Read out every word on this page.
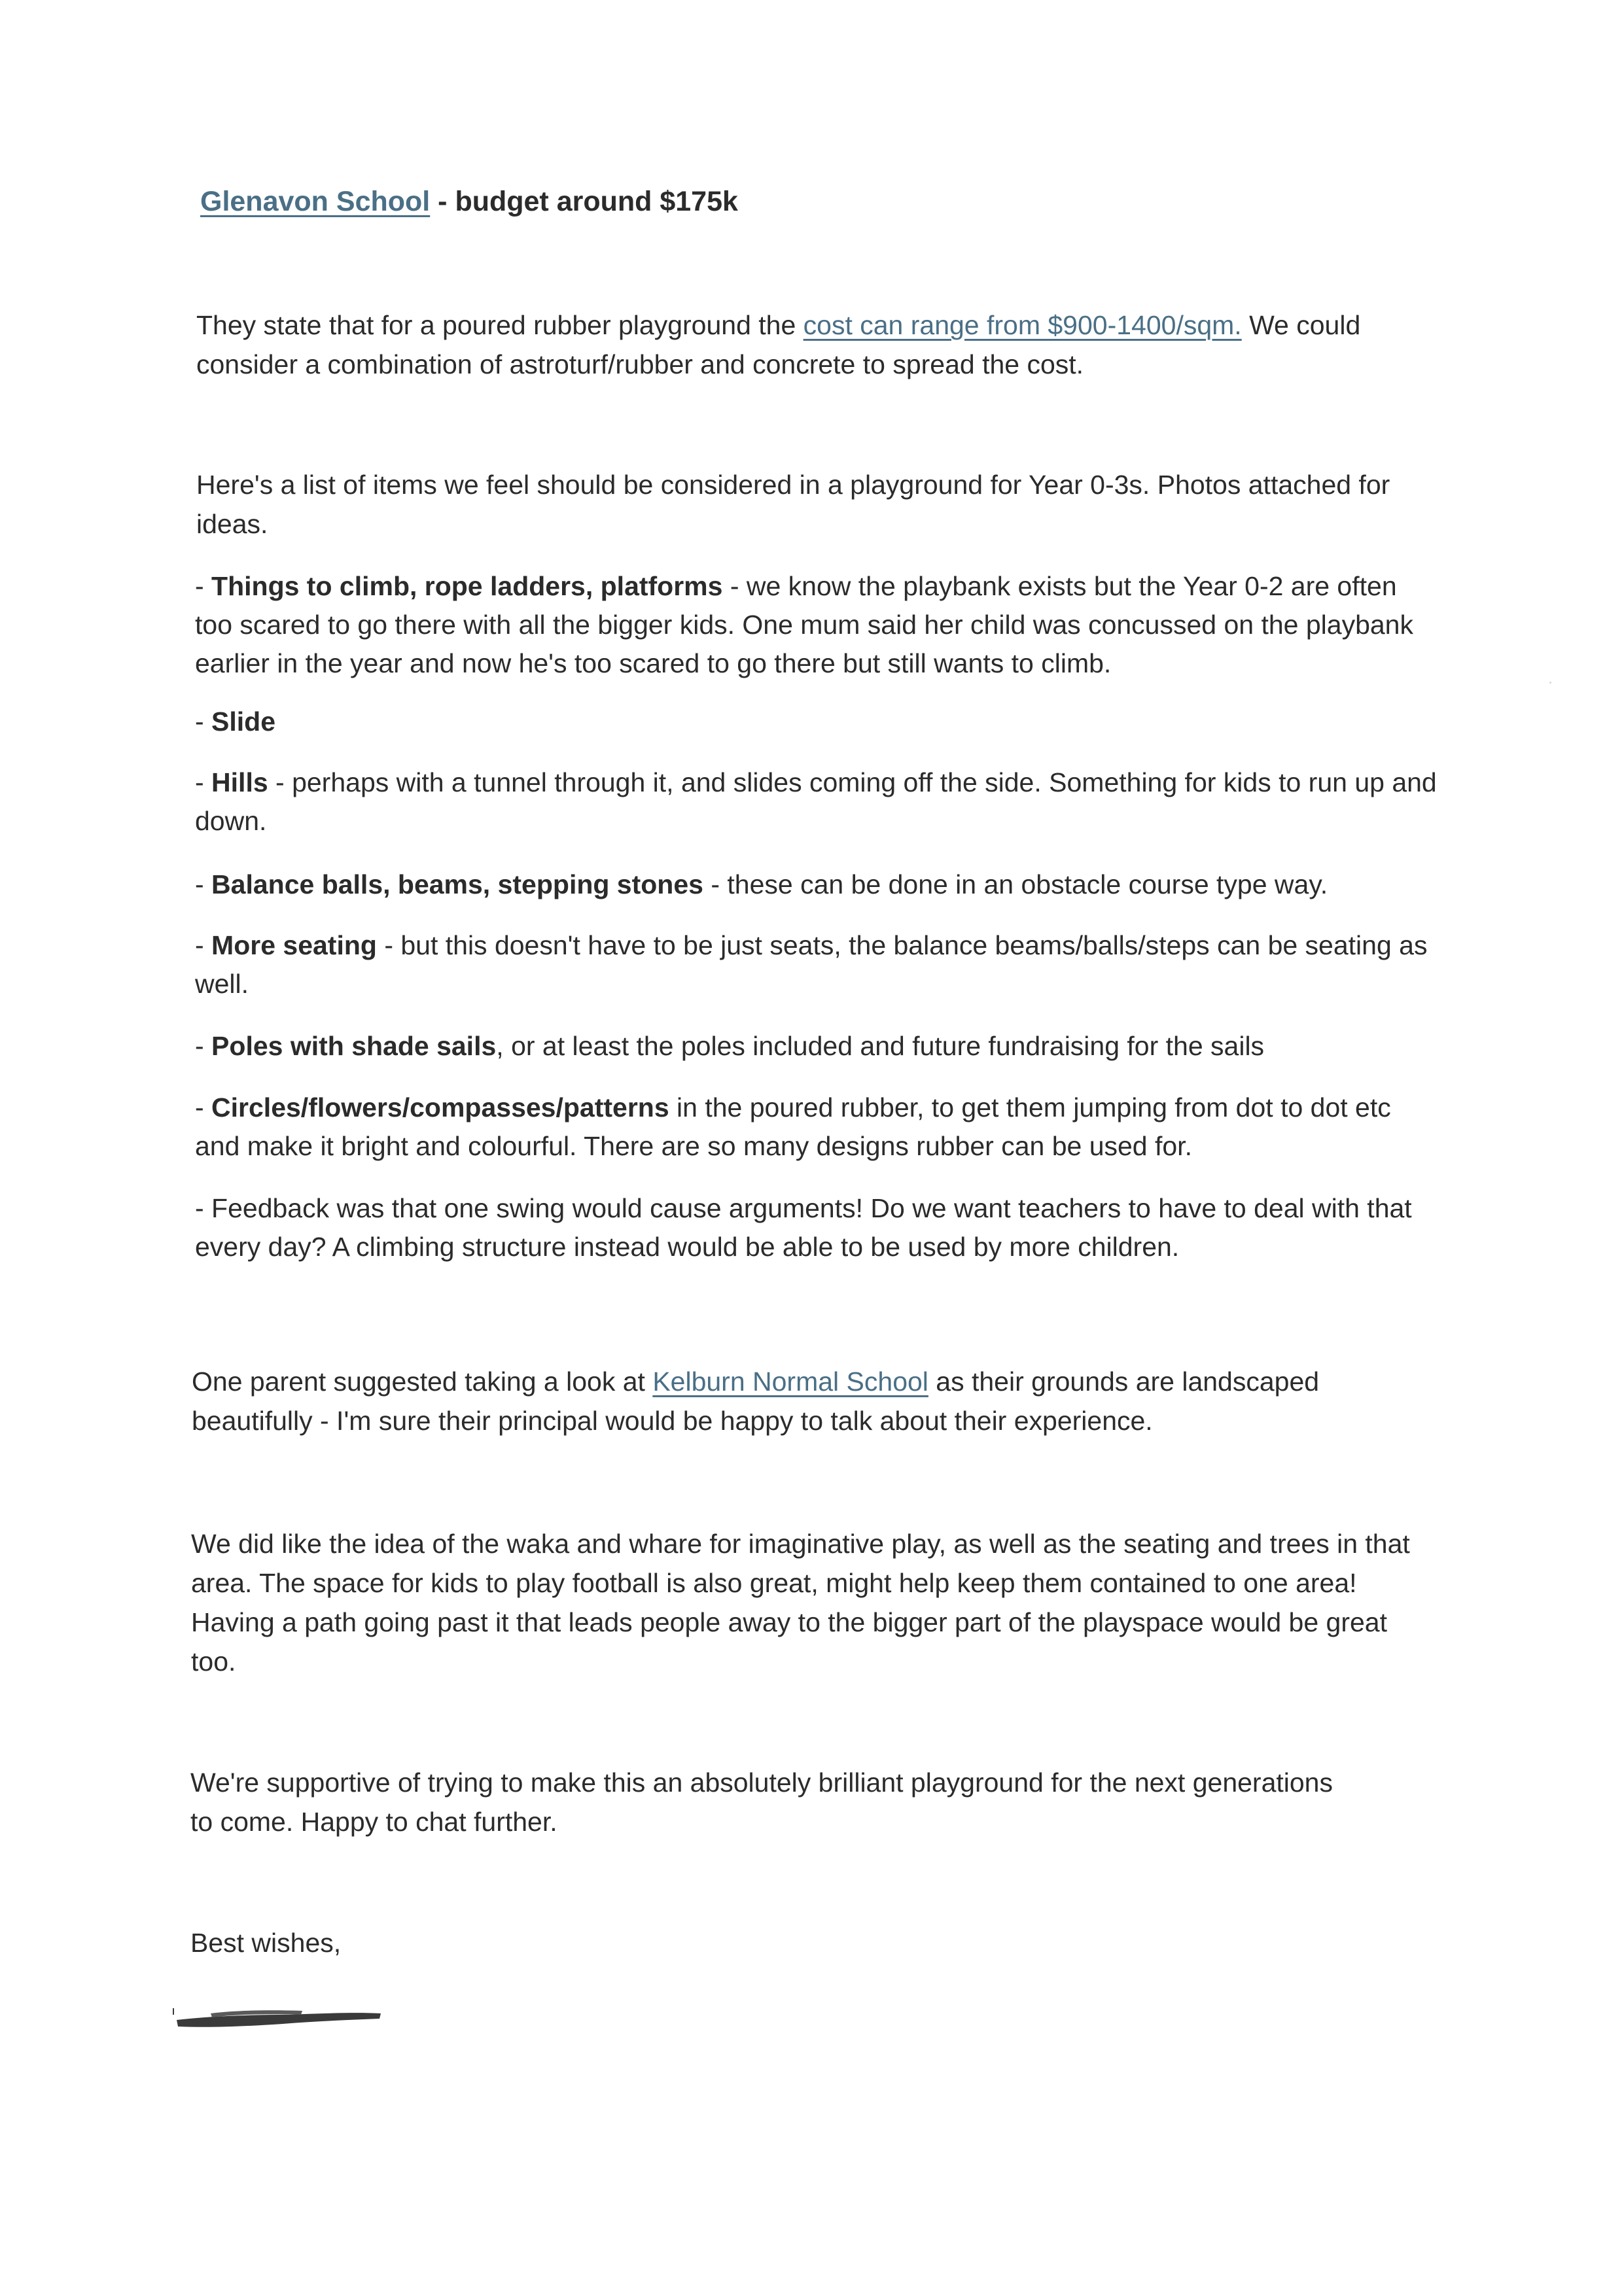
Glenavon School - budget around $175k

They state that for a poured rubber playground the cost can range from $900-1400/sqm. We could consider a combination of astroturf/rubber and concrete to spread the cost.

Here's a list of items we feel should be considered in a playground for Year 0-3s. Photos attached for ideas.

- Things to climb, rope ladders, platforms - we know the playbank exists but the Year 0-2 are often too scared to go there with all the bigger kids. One mum said her child was concussed on the playbank earlier in the year and now he's too scared to go there but still wants to climb.

- Slide

- Hills - perhaps with a tunnel through it, and slides coming off the side. Something for kids to run up and down.

- Balance balls, beams, stepping stones - these can be done in an obstacle course type way.

- More seating - but this doesn't have to be just seats, the balance beams/balls/steps can be seating as well.

- Poles with shade sails, or at least the poles included and future fundraising for the sails

- Circles/flowers/compasses/patterns in the poured rubber, to get them jumping from dot to dot etc and make it bright and colourful. There are so many designs rubber can be used for.

- Feedback was that one swing would cause arguments! Do we want teachers to have to deal with that every day? A climbing structure instead would be able to be used by more children.

One parent suggested taking a look at Kelburn Normal School as their grounds are landscaped beautifully - I'm sure their principal would be happy to talk about their experience.

We did like the idea of the waka and whare for imaginative play, as well as the seating and trees in that area. The space for kids to play football is also great, might help keep them contained to one area! Having a path going past it that leads people away to the bigger part of the playspace would be great too.

We're supportive of trying to make this an absolutely brilliant playground for the next generations to come. Happy to chat further.

Best wishes,
